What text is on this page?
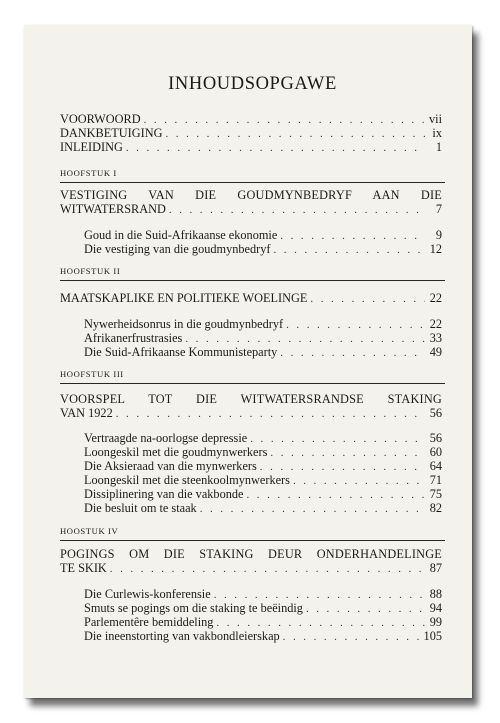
INHOUDSOPGAWE
VOORWOORD . . .	vii
DANKBETUIGING . . .	ix
INLEIDING . . .	1
HOOFSTUK I
VESTIGING VAN DIE GOUDMYNBEDRYF AAN DIE
WITWATERSRAND . . .	7
Goud in die Suid-Afrikaanse ekonomie . . .	9
Die vestiging van die goudmynbedryf . . .	12
HOOFSTUK II
MAATSKAPLIKE EN POLITIEKE WOELINGE . . .	22
Nywerheidsonrus in die goudmynbedryf . . .	22
Afrikanerfrustrasies . . .	33
Die Suid-Afrikaanse Kommunisteparty . . .	49
HOOFSTUK III
VOORSPEL TOT DIE WITWATERSRANDSE STAKING
VAN 1922 . . .	56
Vertraagde na-oorlogse depressie . . .	56
Loongeskil met die goudmynwerkers . . .	60
Die Aksieraad van die mynwerkers . . .	64
Loongeskil met die steenkoolmynwerkers . . .	71
Dissiplinering van die vakbonde . . .	75
Die besluit om te staak . . .	82
HOOSTUK IV
POGINGS OM DIE STAKING DEUR ONDERHANDELINGE
TE SKIK . . .	87
Die Curlewis-konferensie . . .	88
Smuts se pogings om die staking te beëindig . . .	94
Parlementêre bemiddeling . . .	99
Die ineenstorting van vakbondleierskap . . .	105
